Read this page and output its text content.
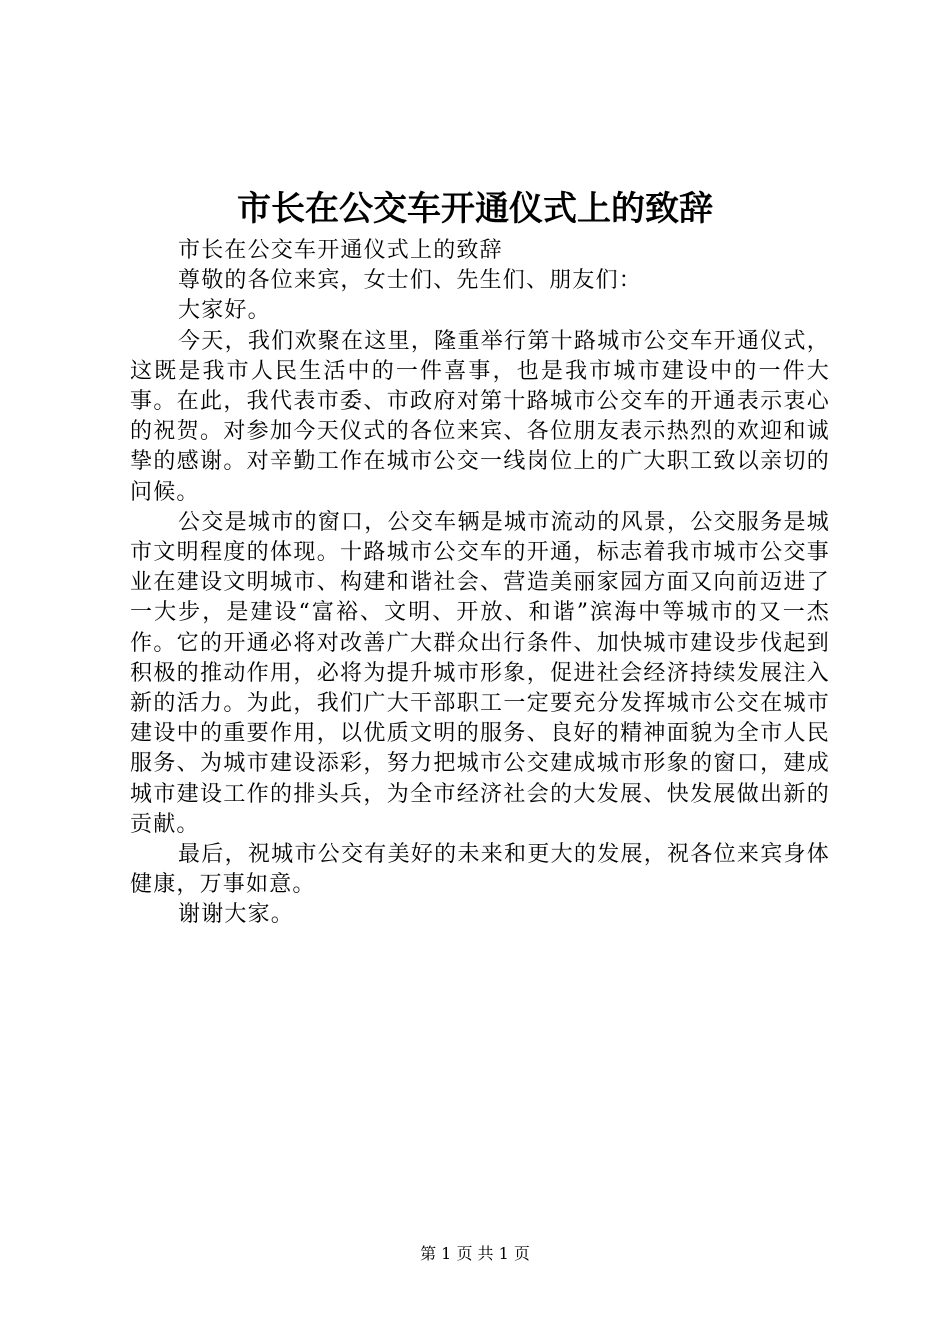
市长在公交车开通仪式上的致辞

市长在公交车开通仪式上的致辞

尊敬的各位来宾，女士们、先生们、朋友们：

大家好。

今天，我们欢聚在这里，隆重举行第十路城市公交车开通仪式，这既是我市人民生活中的一件喜事，也是我市城市建设中的一件大事。在此，我代表市委、市政府对第十路城市公交车的开通表示衷心的祝贺。对参加今天仪式的各位来宾、各位朋友表示热烈的欢迎和诚挚的感谢。对辛勤工作在城市公交一线岗位上的广大职工致以亲切的问候。

公交是城市的窗口，公交车辆是城市流动的风景，公交服务是城市文明程度的体现。十路城市公交车的开通，标志着我市城市公交事业在建设文明城市、构建和谐社会、营造美丽家园方面又向前迈进了一大步，是建设“富裕、文明、开放、和谐”滨海中等城市的又一杰作。它的开通必将对改善广大群众出行条件、加快城市建设步伐起到积极的推动作用，必将为提升城市形象，促进社会经济持续发展注入新的活力。为此，我们广大干部职工一定要充分发挥城市公交在城市建设中的重要作用，以优质文明的服务、良好的精神面貌为全市人民服务、为城市建设添彩，努力把城市公交建成城市形象的窗口，建成城市建设工作的排头兵，为全市经济社会的大发展、快发展做出新的贡献。

最后，祝城市公交有美好的未来和更大的发展，祝各位来宾身体健康，万事如意。

谢谢大家。

第 1 页 共 1 页
